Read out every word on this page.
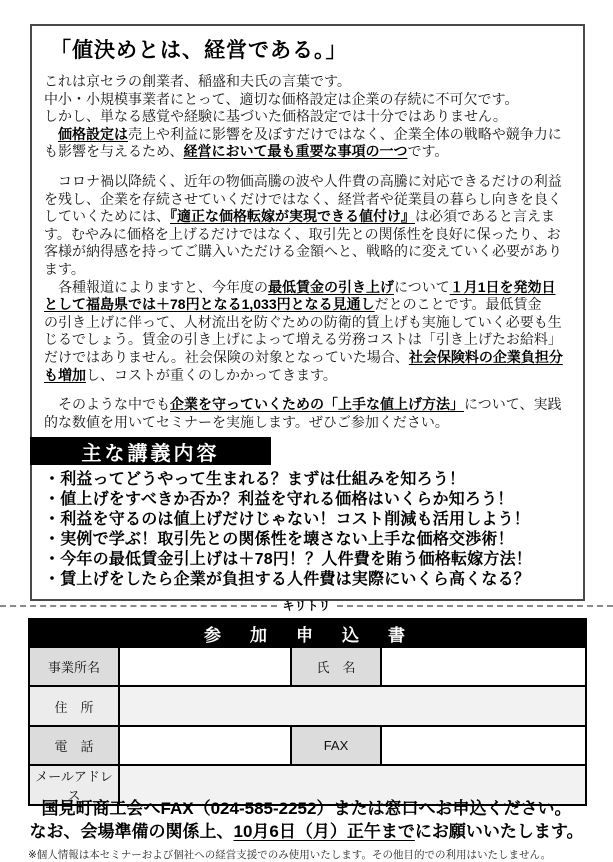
「値決めとは、経営である。」
これは京セラの創業者、稲盛和夫氏の言葉です。
中小・小規模事業者にとって、適切な価格設定は企業の存続に不可欠です。
しかし、単なる感覚や経験に基づいた価格設定では十分ではありません。
　価格設定は売上や利益に影響を及ぼすだけではなく、企業全体の戦略や競争力に
も影響を与えるため、経営において最も重要な事項の一つです。
　コロナ禍以降続く、近年の物価高騰の波や人件費の高騰に対応できるだけの利益
を残し、企業を存続させていくだけではなく、経営者や従業員の暮らし向きを良く
していくためには、『適正な価格転嫁が実現できる値付け』は必須であると言えま
す。むやみに価格を上げるだけではなく、取引先との関係性を良好に保ったり、お
客様が納得感を持ってご購入いただける金額へと、戦略的に変えていく必要があり
ます。
　各種報道によりますと、今年度の最低賃金の引き上げについて１月1日を発効日
として福島県では＋78円となる1,033円となる見通しだとのことです。最低賃金
の引き上げに伴って、人材流出を防ぐための防衛的賃上げも実施していく必要も生
じるでしょう。賃金の引き上げによって増える労務コストは「引き上げたお給料」
だけではありません。社会保険の対象となっていた場合、社会保険料の企業負担分
も増加し、コストが重くのしかかってきます。
　そのような中でも企業を守っていくための「上手な値上げ方法」について、実践
的な数値を用いてセミナーを実施します。ぜひご参加ください。
主な講義内容
・利益ってどうやって生まれる？まずは仕組みを知ろう！
・値上げをすべきか否か？利益を守れる価格はいくらか知ろう！
・利益を守るのは値上げだけじゃない！コスト削減も活用しよう！
・実例で学ぶ！取引先との関係性を壊さない上手な価格交渉術！
・今年の最低賃金引上げは＋78円！？人件費を賄う価格転嫁方法！
・賃上げをしたら企業が負担する人件費は実際にいくら高くなる？
キリトリ
参　加　申　込　書			
事業所名		氏　名	
住　所			
電　話		FAX	
メールアドレス			
国見町商工会へFAX（024-585-2252）または窓口へお申込ください。
なお、会場準備の関係上、10月6日（月）正午までにお願いいたします。
※個人情報は本セミナーおよび個社への経営支援でのみ使用いたします。その他目的での利用はいたしません。
